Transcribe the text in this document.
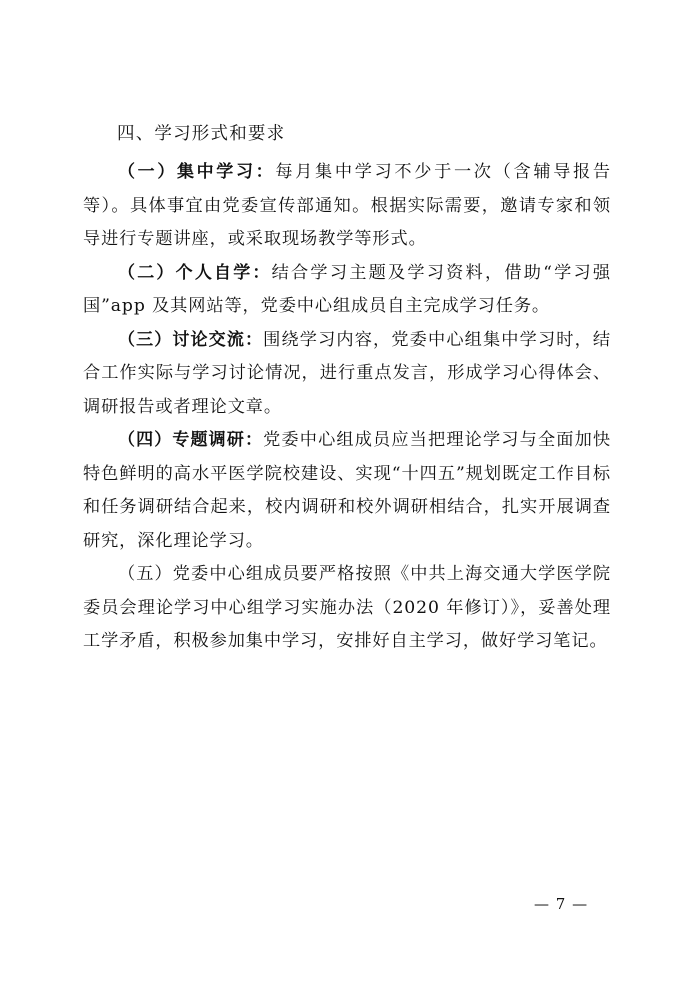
四、学习形式和要求

（一）集中学习：每月集中学习不少于一次（含辅导报告等）。具体事宜由党委宣传部通知。根据实际需要，邀请专家和领导进行专题讲座，或采取现场教学等形式。

（二）个人自学：结合学习主题及学习资料，借助“学习强国”app 及其网站等，党委中心组成员自主完成学习任务。

（三）讨论交流：围绕学习内容，党委中心组集中学习时，结合工作实际与学习讨论情况，进行重点发言，形成学习心得体会、调研报告或者理论文章。

（四）专题调研：党委中心组成员应当把理论学习与全面加快特色鲜明的高水平医学院校建设、实现“十四五”规划既定工作目标和任务调研结合起来，校内调研和校外调研相结合，扎实开展调查研究，深化理论学习。

（五）党委中心组成员要严格按照《中共上海交通大学医学院委员会理论学习中心组学习实施办法（2020 年修订）》，妥善处理工学矛盾，积极参加集中学习，安排好自主学习，做好学习笔记。

— 7 —
